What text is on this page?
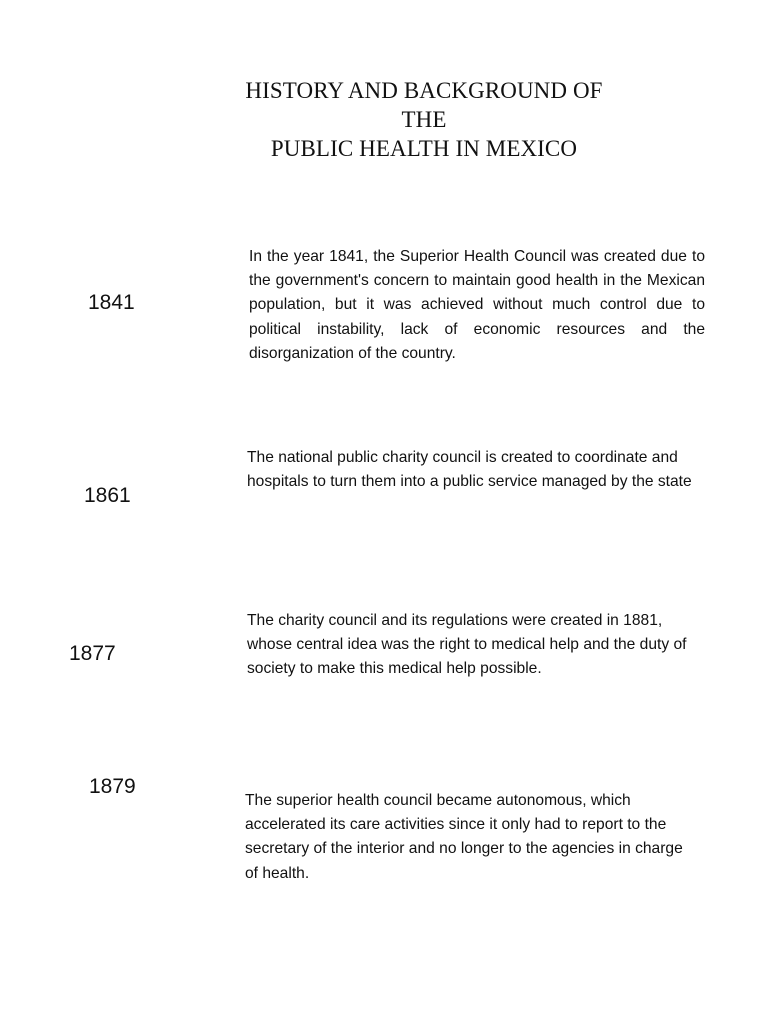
HISTORY AND BACKGROUND OF
THE
PUBLIC HEALTH IN MEXICO
1841
In the year 1841, the Superior Health Council was created due to the government's concern to maintain good health in the Mexican population, but it was achieved without much control due to political instability, lack of economic resources and the disorganization of the country.
1861
The national public charity council is created to coordinate and hospitals to turn them into a public service managed by the state
1877
The charity council and its regulations were created in 1881, whose central idea was the right to medical help and the duty of society to make this medical help possible.
1879
The superior health council became autonomous, which accelerated its care activities since it only had to report to the secretary of the interior and no longer to the agencies in charge of health.
